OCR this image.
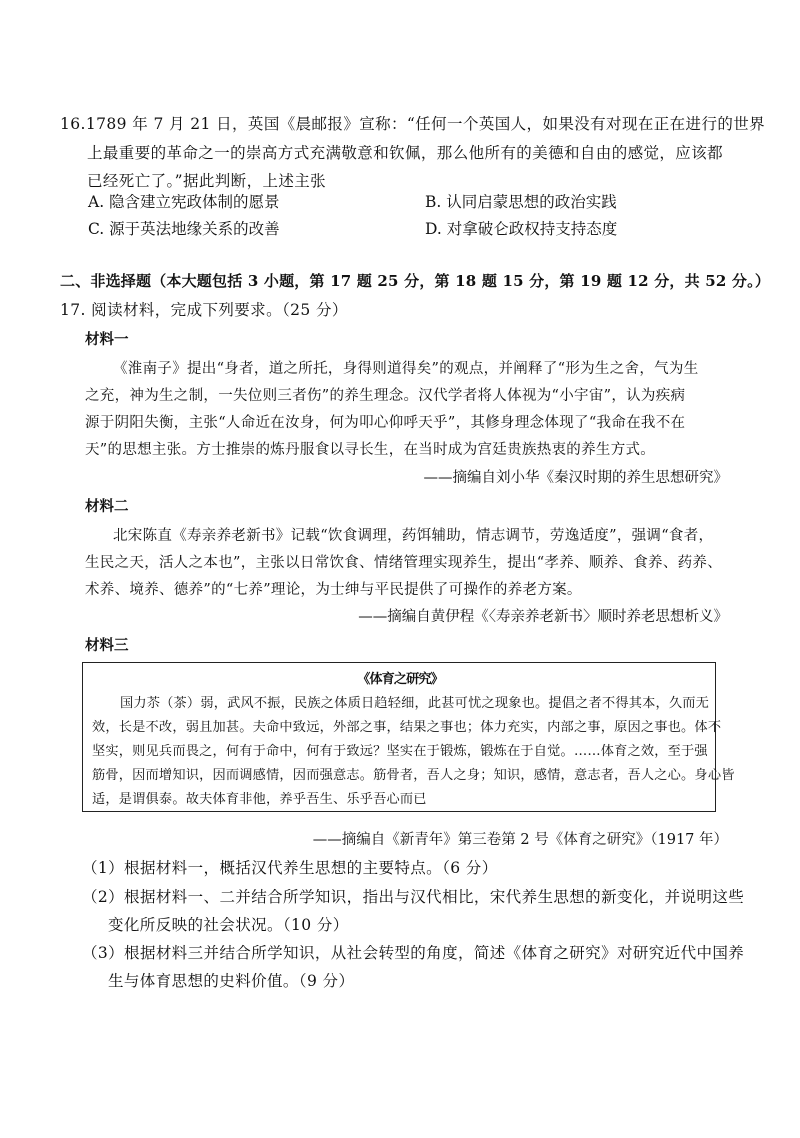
16.1789 年 7 月 21 日，英国《晨邮报》宣称：“任何一个英国人，如果没有对现在正在进行的世界
上最重要的革命之一的崇高方式充满敬意和钦佩，那么他所有的美德和自由的感觉，应该都
已经死亡了。”据此判断，上述主张
A. 隐含建立宪政体制的愿景	B. 认同启蒙思想的政治实践
C. 源于英法地缘关系的改善	D. 对拿破仑政权持支持态度
二、非选择题（本大题包括 3 小题，第 17 题 25 分，第 18 题 15 分，第 19 题 12 分，共 52 分。）
17. 阅读材料，完成下列要求。（25 分）
材料一
《淮南子》提出“身者，道之所托，身得则道得矣”的观点，并阐释了“形为生之舍，气为生
之充，神为生之制，一失位则三者伤”的养生理念。汉代学者将人体视为“小宇宙”，认为疾病
源于阴阳失衡，主张“人命近在汝身，何为叩心仰呼天乎”，其修身理念体现了“我命在我不在
天”的思想主张。方士推崇的炼丹服食以寻长生，在当时成为宫廷贵族热衷的养生方式。
——摘编自刘小华《秦汉时期的养生思想研究》
材料二
北宋陈直《寿亲养老新书》记载“饮食调理，药饵辅助，情志调节，劳逸适度”，强调“食者，
生民之天，活人之本也”，主张以日常饮食、情绪管理实现养生，提出“孝养、顺养、食养、药养、
术养、境养、德养”的“七养”理论，为士绅与平民提供了可操作的养老方案。
——摘编自黄伊程《〈寿亲养老新书〉顺时养老思想析义》
材料三
《体育之研究》
国力苶（茶）弱，武风不振，民族之体质日趋轻细，此甚可忧之现象也。提倡之者不得其本，久而无
效，长是不改，弱且加甚。夫命中致远，外部之事，结果之事也；体力充实，内部之事，原因之事也。体不
坚实，则见兵而畏之，何有于命中，何有于致远？坚实在于锻炼，锻炼在于自觉。……体育之效，至于强
筋骨，因而增知识，因而调感情，因而强意志。筋骨者，吾人之身；知识，感情，意志者，吾人之心。身心皆
适，是谓俱泰。故夫体育非他，养乎吾生、乐乎吾心而已
——摘编自《新青年》第三卷第 2 号《体育之研究》（1917 年）
（1）根据材料一，概括汉代养生思想的主要特点。（6 分）
（2）根据材料一、二并结合所学知识，指出与汉代相比，宋代养生思想的新变化，并说明这些
变化所反映的社会状况。（10 分）
（3）根据材料三并结合所学知识，从社会转型的角度，简述《体育之研究》对研究近代中国养
生与体育思想的史料价值。（9 分）
